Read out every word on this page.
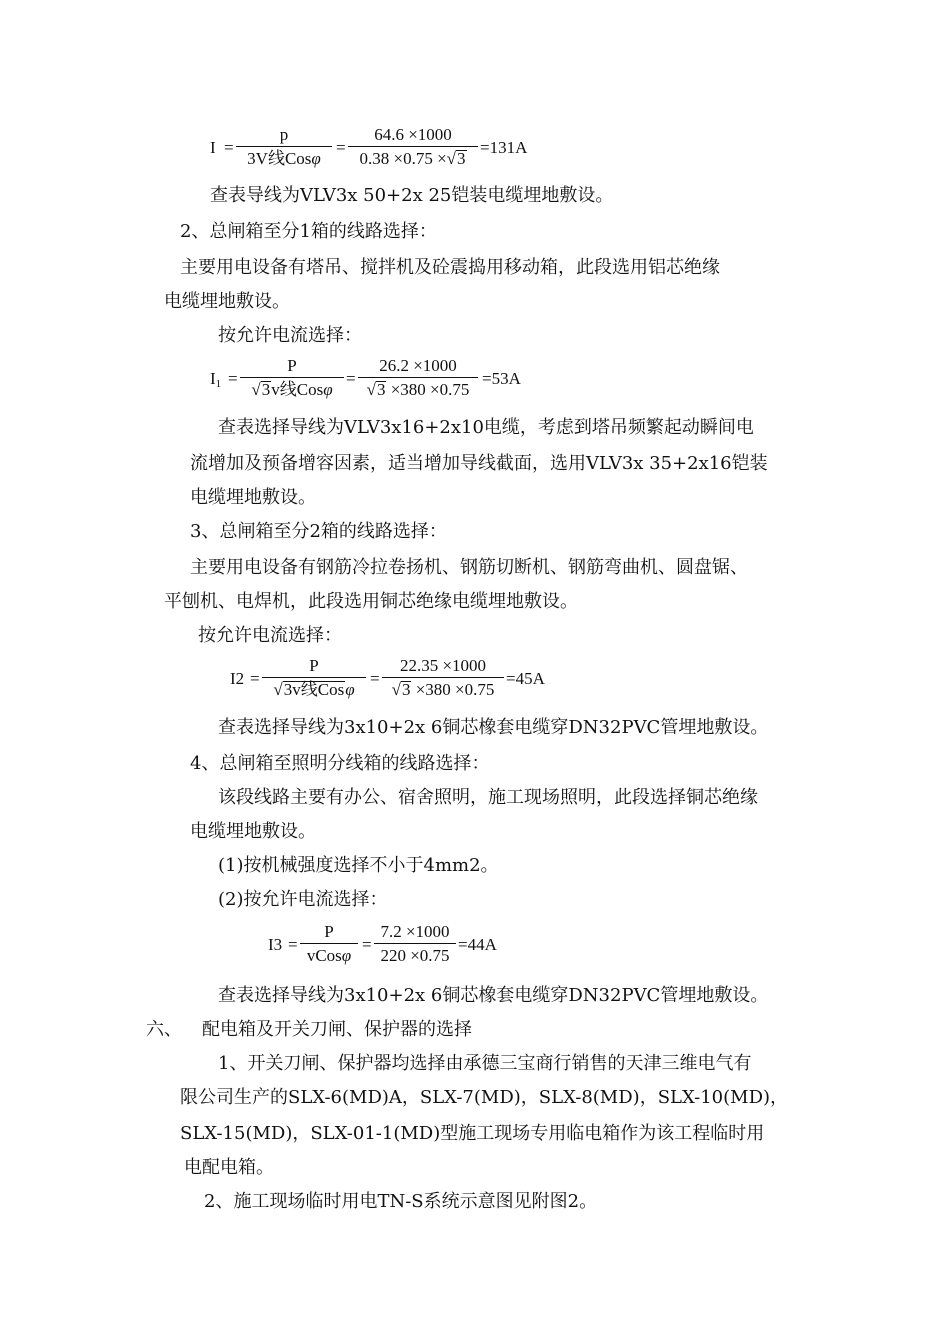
I =
p
3V线Cosφ
=
64.6 ×1000
0.38 ×0.75 ×√3
=131A
查表导线为VLV3x 50+2x 25铠装电缆埋地敷设。
2、总闸箱至分1箱的线路选择：
主要用电设备有塔吊、搅拌机及砼震捣用移动箱，此段选用铝芯绝缘
电缆埋地敷设。
按允许电流选择：
$I_1$ =
P
√3v线Cosφ
=
26.2 ×1000
√3 ×380 ×0.75
=53A
查表选择导线为VLV3x16+2x10电缆，考虑到塔吊频繁起动瞬间电
流增加及预备增容因素，适当增加导线截面，选用VLV3x 35+2x16铠装
电缆埋地敷设。
3、总闸箱至分2箱的线路选择：
主要用电设备有钢筋冷拉卷扬机、钢筋切断机、钢筋弯曲机、圆盘锯、
平刨机、电焊机，此段选用铜芯绝缘电缆埋地敷设。
按允许电流选择：
I2 =
P
√3v线Cosφ
=
22.35 ×1000
√3 ×380 ×0.75
=45A
查表选择导线为3x10+2x 6铜芯橡套电缆穿DN32PVC管埋地敷设。
4、总闸箱至照明分线箱的线路选择：
该段线路主要有办公、宿舍照明，施工现场照明，此段选择铜芯绝缘
电缆埋地敷设。
(1)按机械强度选择不小于4mm2。
(2)按允许电流选择：
I3 =
P
vCosφ
=
7.2 ×1000
220 ×0.75
=44A
查表选择导线为3x10+2x 6铜芯橡套电缆穿DN32PVC管埋地敷设。
六、 配电箱及开关刀闸、保护器的选择
1、开关刀闸、保护器均选择由承德三宝商行销售的天津三维电气有
限公司生产的SLX-6(MD)A，SLX-7(MD)，SLX-8(MD)，SLX-10(MD)，
SLX-15(MD)，SLX-01-1(MD)型施工现场专用临电箱作为该工程临时用
电配电箱。
2、施工现场临时用电TN-S系统示意图见附图2。
